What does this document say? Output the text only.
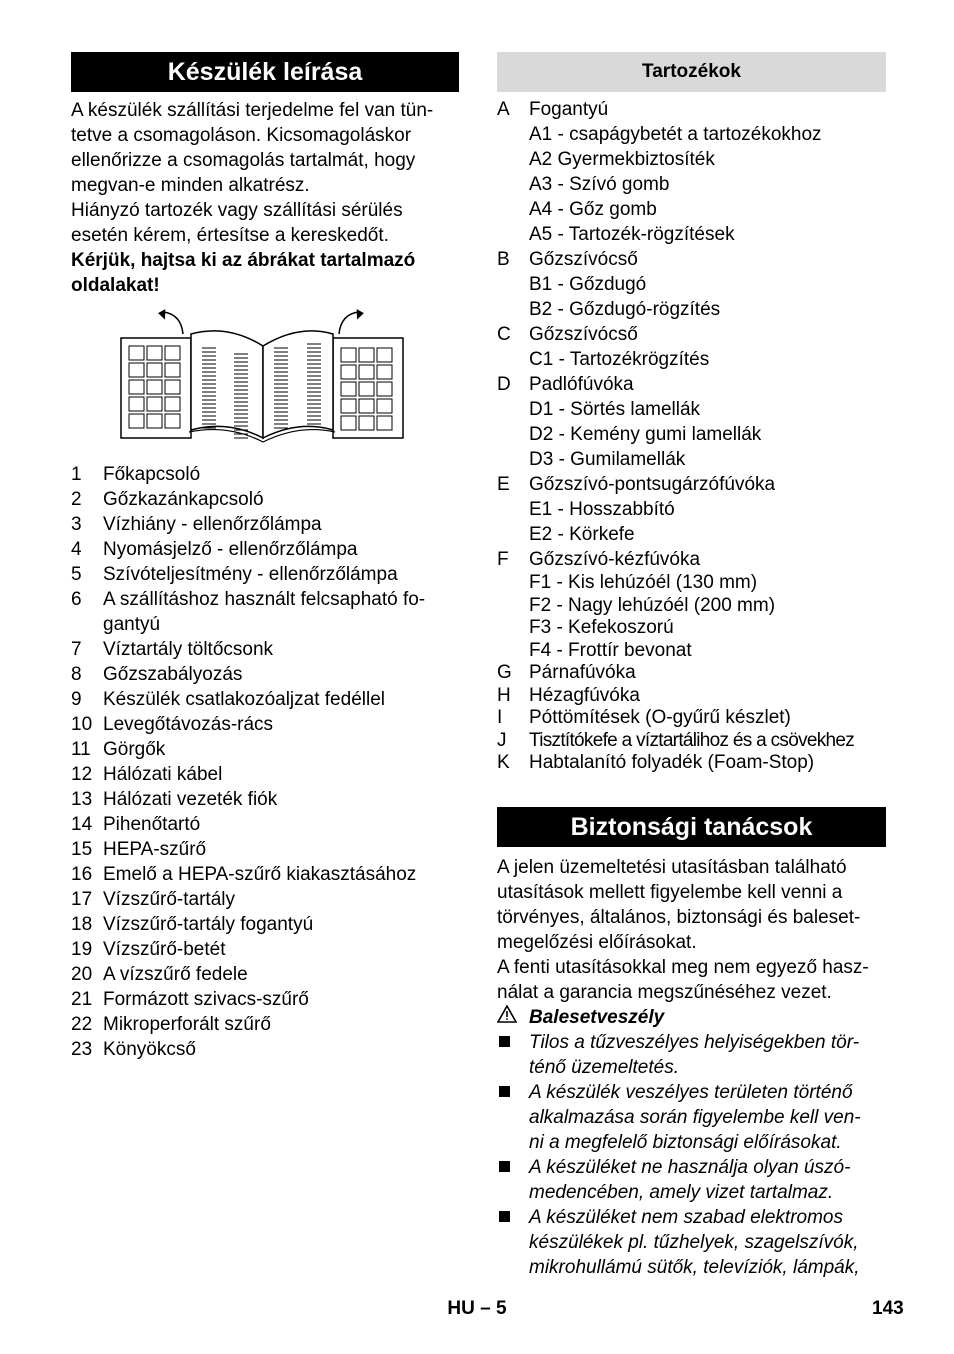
Készülék leírása

A készülék szállítási terjedelme fel van tün-

tetve a csomagoláson. Kicsomagoláskor

ellenőrizze a csomagolás tartalmát, hogy

megvan-e minden alkatrész.

Hiányzó tartozék vagy szállítási sérülés

esetén kérem, értesítse a kereskedőt.

Kérjük, hajtsa ki az ábrákat tartalmazó

oldalakat!

1	Főkapcsoló
2	Gőzkazánkapcsoló
3	Vízhiány - ellenőrzőlámpa
4	Nyomásjelző - ellenőrzőlámpa
5	Szívóteljesítmény - ellenőrzőlámpa
6	A szállításhoz használt felcsapható fo-
gantyú
7	Víztartály töltőcsonk
8	Gőzszabályozás
9	Készülék csatlakozóaljzat fedéllel
10 Levegőtávozás-rács
11 Görgők
12 Hálózati kábel
13 Hálózati vezeték fiók
14 Pihenőtartó
15 HEPA-szűrő
16 Emelő a HEPA-szűrő kiakasztásához
17 Vízszűrő-tartály
18 Vízszűrő-tartály fogantyú
19 Vízszűrő-betét
20 A vízszűrő fedele
21 Formázott szivacs-szűrő
22 Mikroperforált szűrő
23 Könyökcső
Tartozékok
A	Fogantyú
A1 - csapágybetét a tartozékokhoz
A2 Gyermekbiztosíték
A3 - Szívó gomb
A4 - Gőz gomb
A5 - Tartozék-rögzítések
B	Gőzszívócső
B1 - Gőzdugó
B2 - Gőzdugó-rögzítés
C Gőzszívócső
C1 - Tartozékrögzítés
D Padlófúvóka
D1 - Sörtés lamellák
D2 - Kemény gumi lamellák
D3 - Gumilamellák
E	Gőzszívó-pontsugárzófúvóka
E1 - Hosszabbító
E2 - Körkefe
F	Gőzszívó-kézfúvóka
F1 - Kis lehúzóél (130 mm)
F2 - Nagy lehúzóél (200 mm)
F3 - Kefekoszorú
F4 - Frottír bevonat
G Párnafúvóka
H Hézagfúvóka
I	Póttömítések (O-gyűrű készlet)
J	Tisztítókefe a víztartálihoz és a csövekhez
K	Habtalanító folyadék (Foam-Stop)
Biztonsági tanácsok

A jelen üzemeltetési utasításban található

utasítások mellett figyelembe kell venni a

törvényes, általános, biztonsági és baleset-

megelőzési előírásokat.

A fenti utasításokkal meg nem egyező hasz-

nálat a garancia megszűnéséhez vezet.

Balesetveszély
Tilos a tűzveszélyes helyiségekben tör-
ténő üzemeltetés.
A készülék veszélyes területen történő
alkalmazása során figyelembe kell ven-
ni a megfelelő biztonsági előírásokat.
A készüléket ne használja olyan úszó-
medencében, amely vizet tartalmaz.
A készüléket nem szabad elektromos
készülékek pl. tűzhelyek, szagelszívók,
mikrohullámú sütők, televíziók, lámpák,
HU – 5	143
